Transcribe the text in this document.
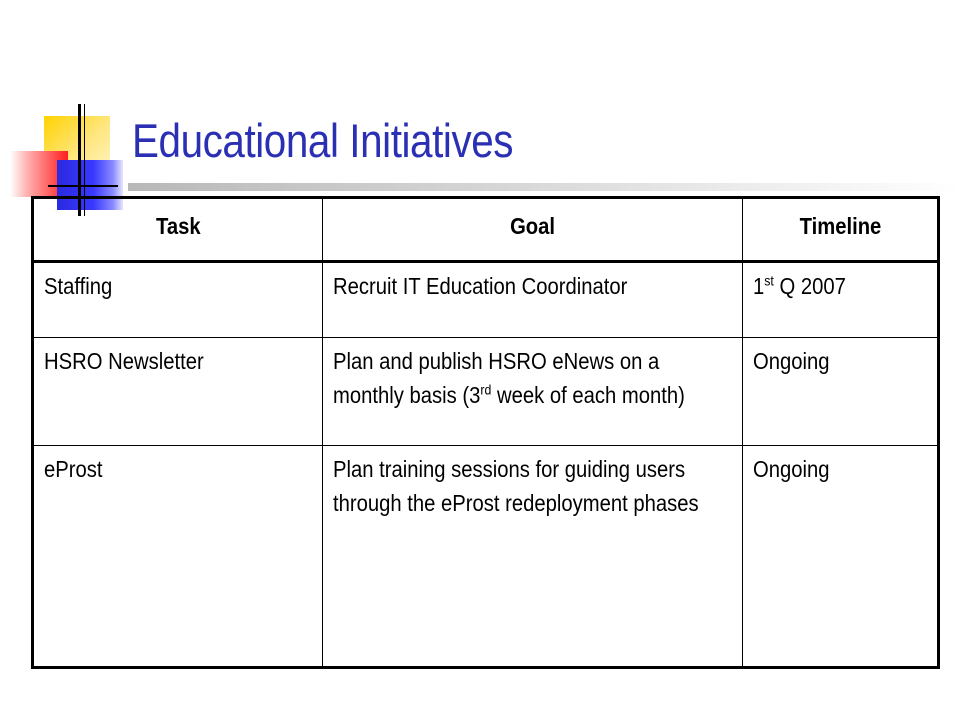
Educational Initiatives
Task	Goal	Timeline
Staffing	Recruit IT Education Coordinator	1st Q 2007
HSRO Newsletter	Plan and publish HSRO eNews on a monthly basis (3rd week of each month)	Ongoing
eProst	Plan training sessions for guiding users through the eProst redeployment phases	Ongoing
